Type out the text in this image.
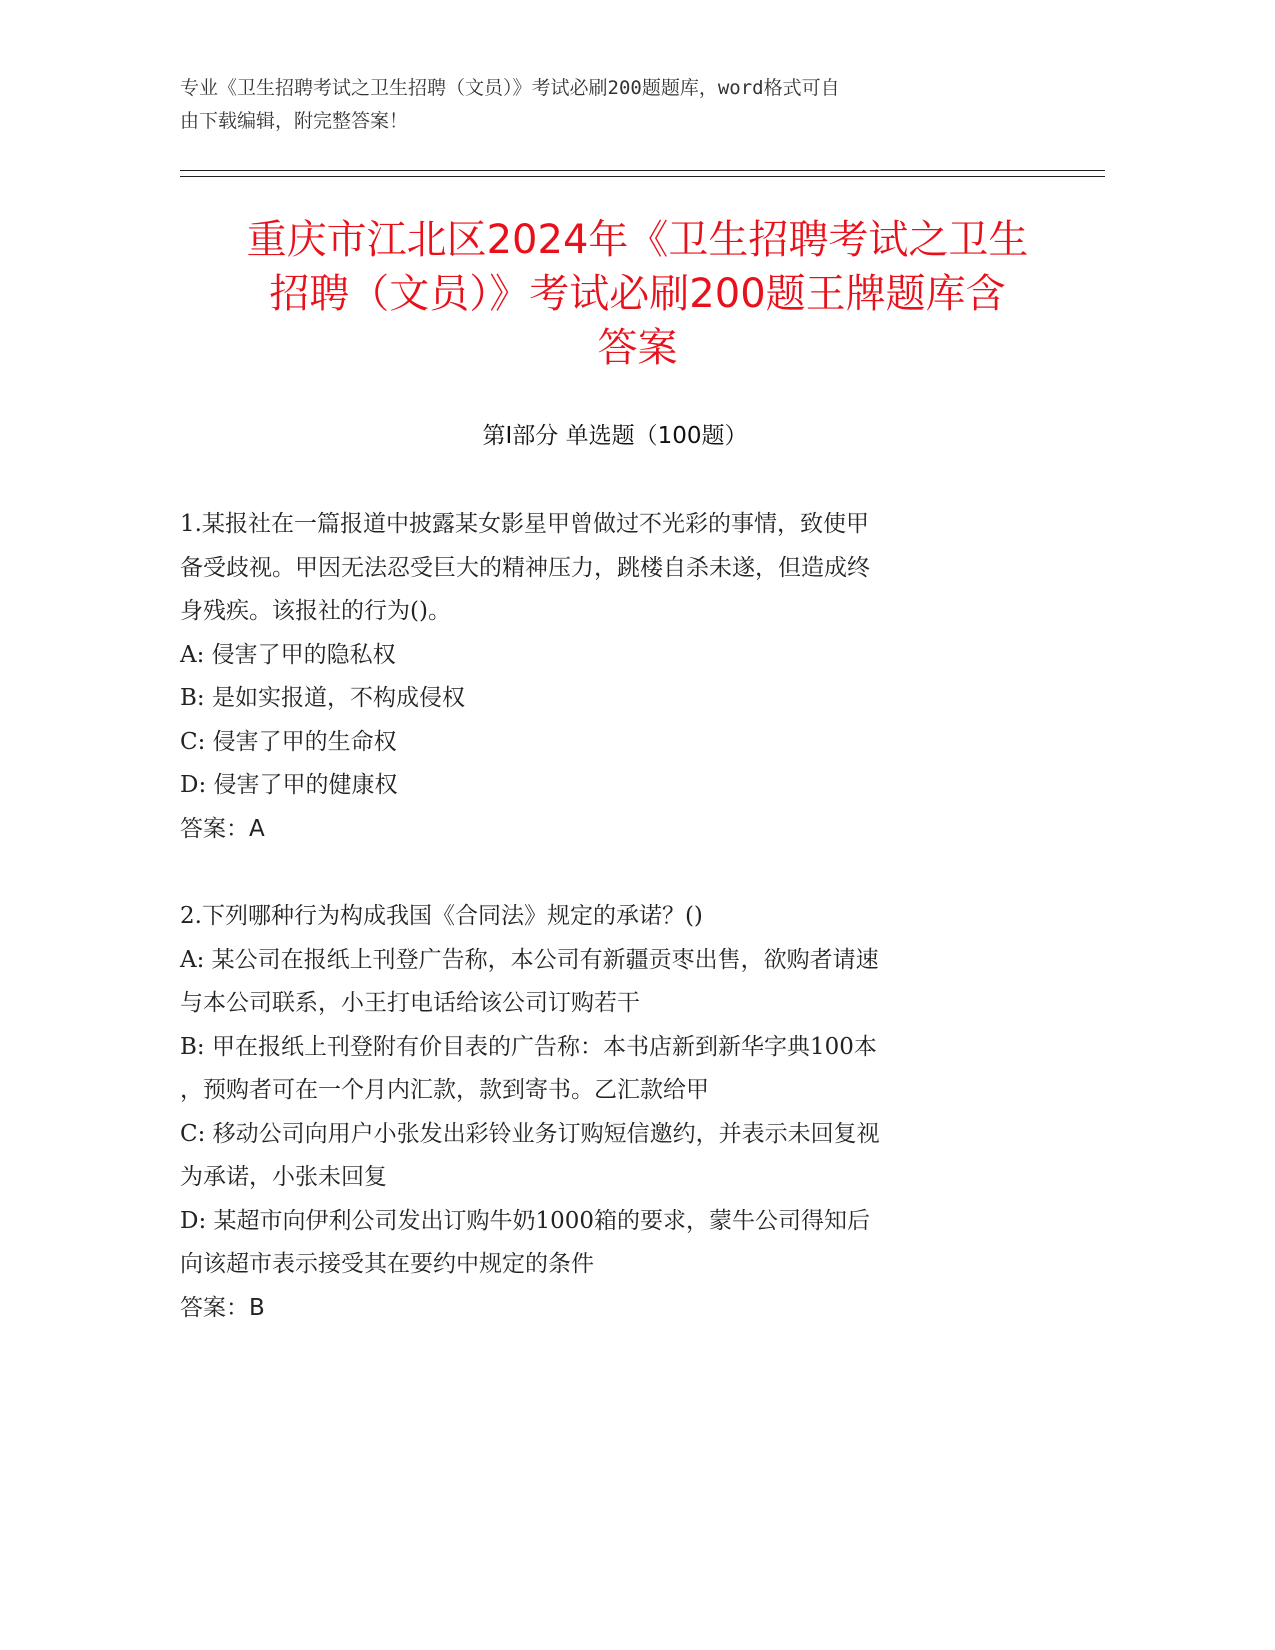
专业《卫生招聘考试之卫生招聘（文员）》考试必刷200题题库，word格式可自
由下载编辑，附完整答案！
重庆市江北区2024年《卫生招聘考试之卫生
招聘（文员）》考试必刷200题王牌题库含
答案
第Ⅰ部分 单选题（100题）
1.某报社在一篇报道中披露某女影星甲曾做过不光彩的事情，致使甲
备受歧视。甲因无法忍受巨大的精神压力，跳楼自杀未遂，但造成终
身残疾。该报社的行为()。
A: 侵害了甲的隐私权
B: 是如实报道，不构成侵权
C: 侵害了甲的生命权
D: 侵害了甲的健康权
答案：A
2.下列哪种行为构成我国《合同法》规定的承诺？()
A: 某公司在报纸上刊登广告称，本公司有新疆贡枣出售，欲购者请速
与本公司联系，小王打电话给该公司订购若干
B: 甲在报纸上刊登附有价目表的广告称：本书店新到新华字典100本
，预购者可在一个月内汇款，款到寄书。乙汇款给甲
C: 移动公司向用户小张发出彩铃业务订购短信邀约，并表示未回复视
为承诺，小张未回复
D: 某超市向伊利公司发出订购牛奶1000箱的要求，蒙牛公司得知后
向该超市表示接受其在要约中规定的条件
答案：B
